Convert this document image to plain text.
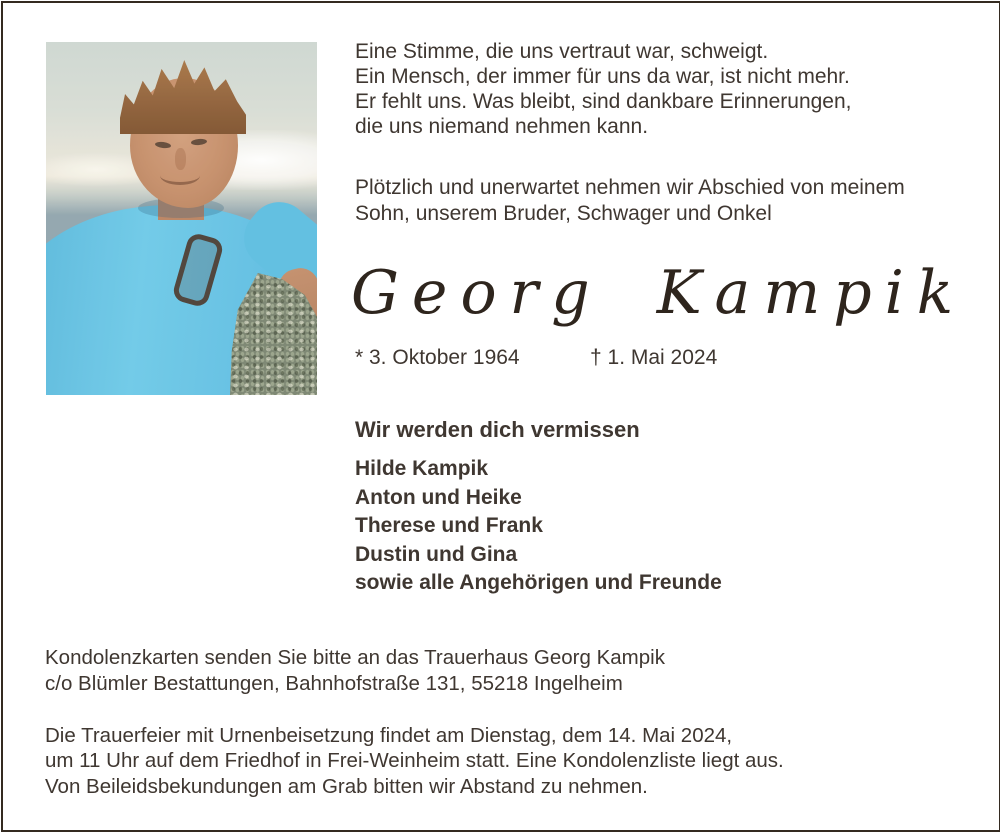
Eine Stimme, die uns vertraut war, schweigt.
Ein Mensch, der immer für uns da war, ist nicht mehr.
Er fehlt uns. Was bleibt, sind dankbare Erinnerungen,
die uns niemand nehmen kann.
Plötzlich und unerwartet nehmen wir Abschied von meinem
Sohn, unserem Bruder, Schwager und Onkel
Georg Kampik
* 3. Oktober 1964	† 1. Mai 2024
Wir werden dich vermissen
Hilde Kampik
Anton und Heike
Therese und Frank
Dustin und Gina
sowie alle Angehörigen und Freunde
Kondolenzkarten senden Sie bitte an das Trauerhaus Georg Kampik
c/o Blümler Bestattungen, Bahnhofstraße 131, 55218 Ingelheim
Die Trauerfeier mit Urnenbeisetzung findet am Dienstag, dem 14. Mai 2024,
um 11 Uhr auf dem Friedhof in Frei-Weinheim statt. Eine Kondolenzliste liegt aus.
Von Beileidsbekundungen am Grab bitten wir Abstand zu nehmen.
